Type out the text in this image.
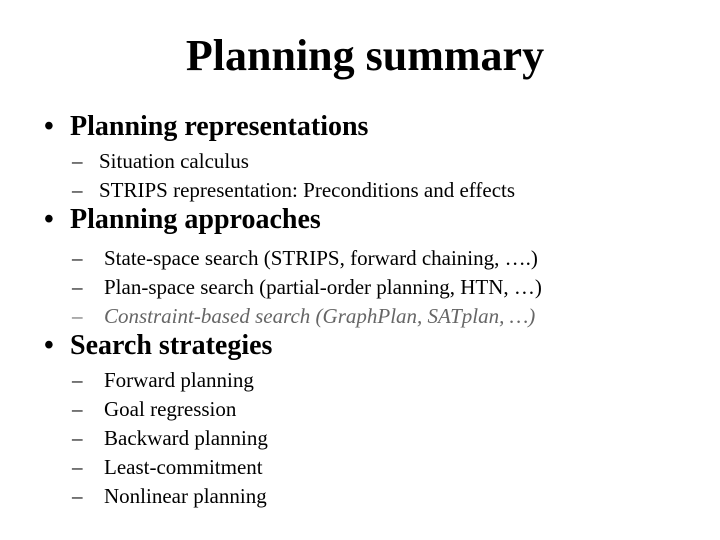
Planning summary
• Planning representations
– Situation calculus
– STRIPS representation: Preconditions and effects
• Planning approaches
– State-space search (STRIPS, forward chaining, ….)
– Plan-space search (partial-order planning, HTN, …)
– Constraint-based search (GraphPlan, SATplan, …)
• Search strategies
– Forward planning
– Goal regression
– Backward planning
– Least-commitment
– Nonlinear planning
